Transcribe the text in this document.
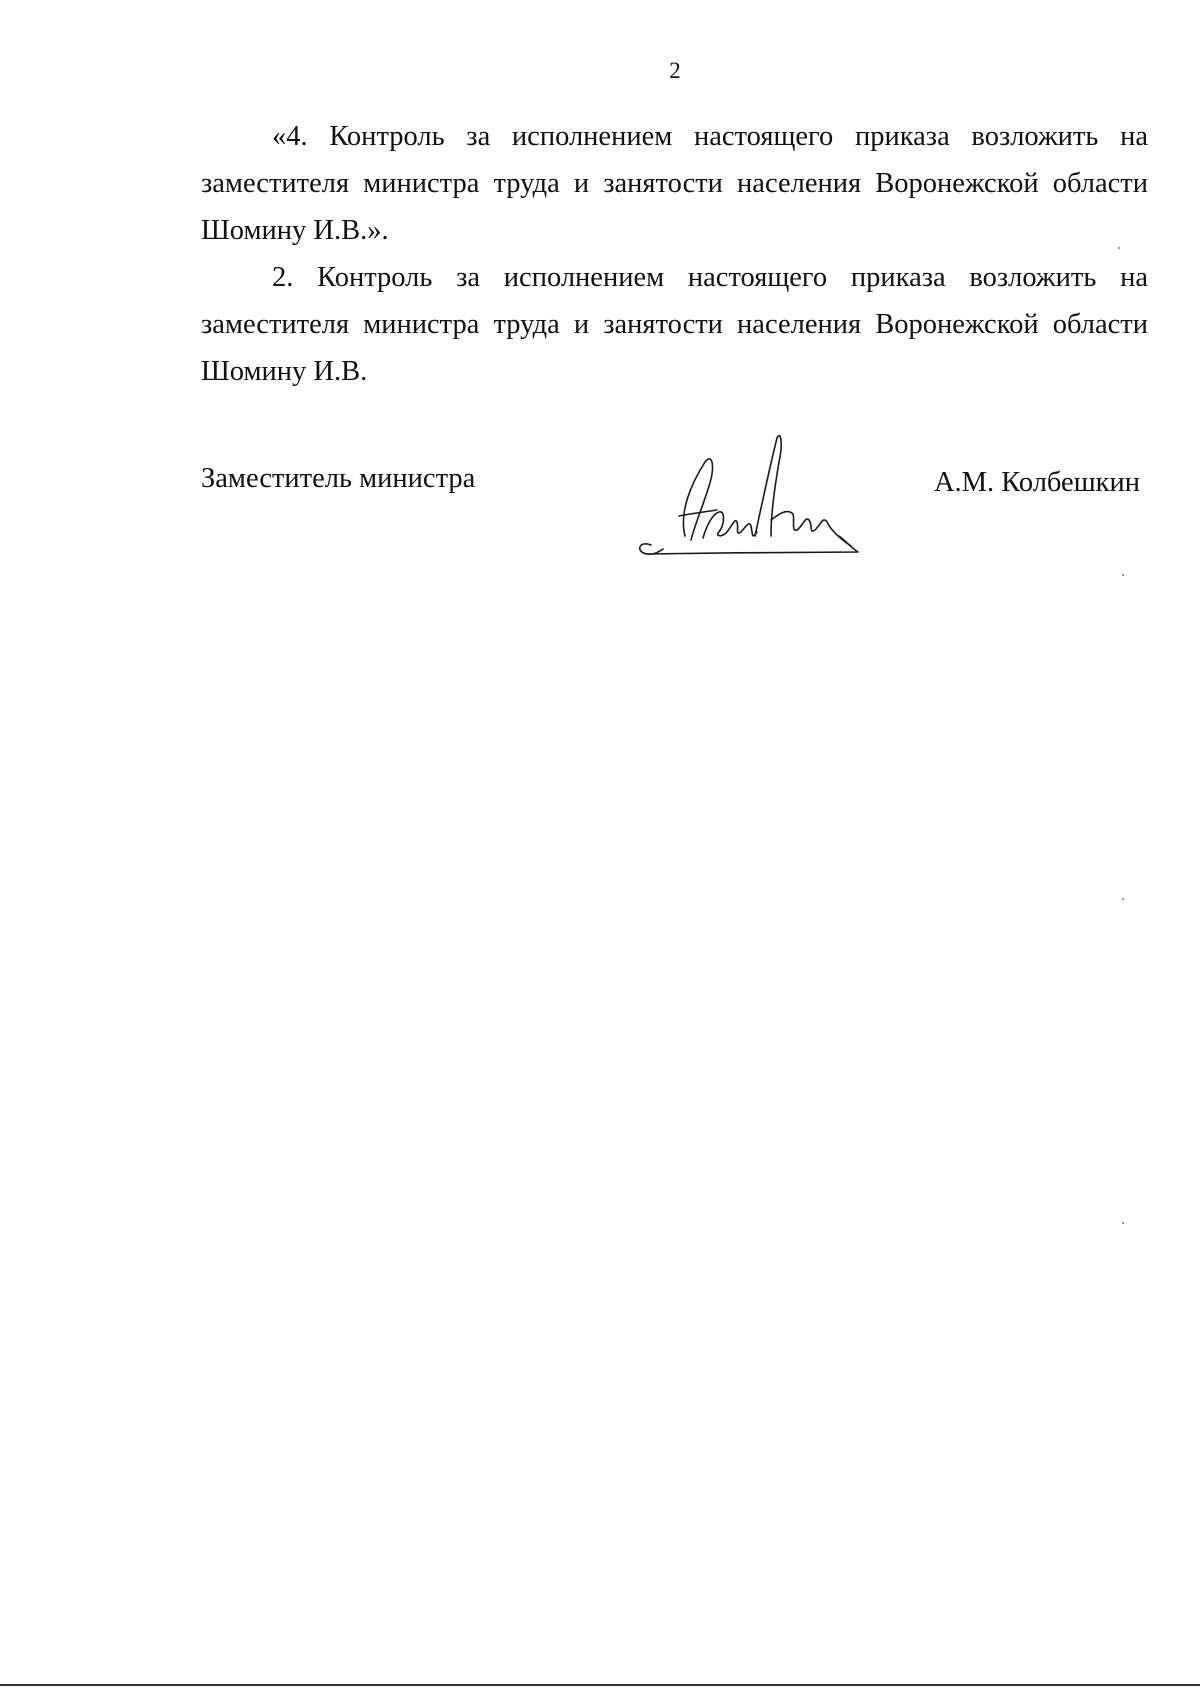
2

«4. Контроль за исполнением настоящего приказа возложить на заместителя министра труда и занятости населения Воронежской области Шомину И.В.».

2. Контроль за исполнением настоящего приказа возложить на заместителя министра труда и занятости населения Воронежской области Шомину И.В.

Заместитель министра	А.М. Колбешкин
